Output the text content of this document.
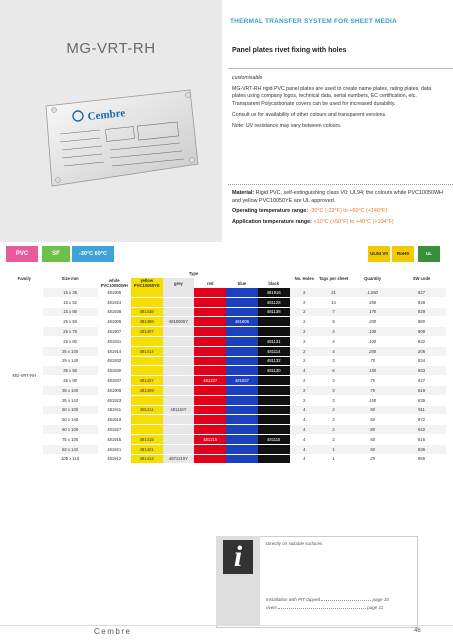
THERMAL TRANSFER SYSTEM FOR SHEET MEDIA
MG-VRT-RH
Cembre
Panel plates rivet fixing with holes

customisable

MG-VRT-RH rigid PVC panel plates are used to create name plates, rating plates, data plates using company logos, technical data, serial numbers, EC certification, etc. Transparent Polycarbonate covers can be used for increased durability.

Consult us for availability of other colours and transparent versions.

Note: UV resistance may vary between colours.

Material: Rigid PVC, self-extinguishing class V0: UL94; the colours white PVC10050WH and yellow PVC10050YE are UL approved.

Operating temperature range: -30°C (-22°F) to +60°C (+140°F)

Application temperature range: +10°C (+50°F) to +40°C (+104°F)

PVC	SF	-30°C 60°C	UL94 V0	RoHS	UL
Family	Size mm	Type						No. Holes	Tags per sheet	Quantity	SW code
		white PVC10050WH	yellow PVC10050YE	grey	red	blue	black				
MG-VRT-RH	15 x 35	481906					481916	2	21	1,050	827
	15 x 52	481924					481128	2	14	350	828
	15 x 80	481938	481438				481138	2	7	175	829
	25 x 50	481906	481406	4810606Y		481606		2	8	200	860
	25 x 75	481907	481407					2	4	100	809
	25 x 80	481931					481131	2	4	100	832
	25 x 100	481914	481414				481114	2	4	200	206
	29 x 140	481932					481132	2	3	75	834
	35 x 50	481930					481130	4	6	150	833
	35 x 80	481937	481437		481237	481637		2	3	75	827
	35 x 100	481909	481409					2	3	75	818
	35 x 142	481923						2	3	150	835
	50 x 100	481911	481411	481116Y				4	2	50	811
	50 x 140	481919						4	2	50	872
	60 x 100	481927						4	2	80	842
	75 x 100	481915	481415		481215		481115	4	2	50	816
	82 x 142	481921	481421					4	1	50	836
	105 x 110	481912	481412	4871210Y				4	1	25	859
i	Directly on suitable surfaces.
Installation with PIT tapped	page 10
rivets	page 11
Cembre	46
